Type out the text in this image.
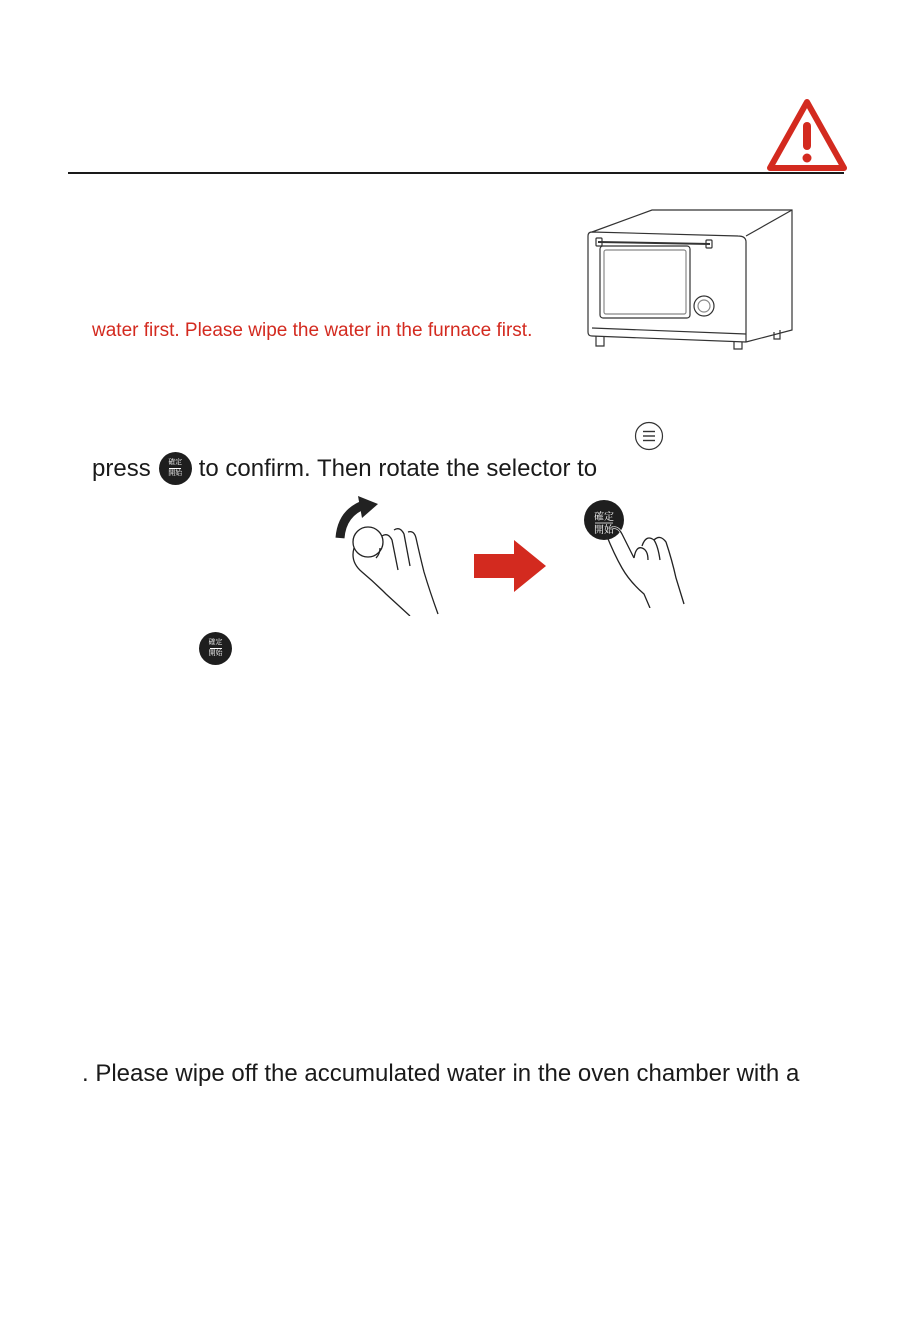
water first. Please wipe the water in the furnace first.
press	確定
開始 to confirm. Then rotate the selector to
確定
開始
確定
開始
. Please wipe off the accumulated water in the oven chamber with a
